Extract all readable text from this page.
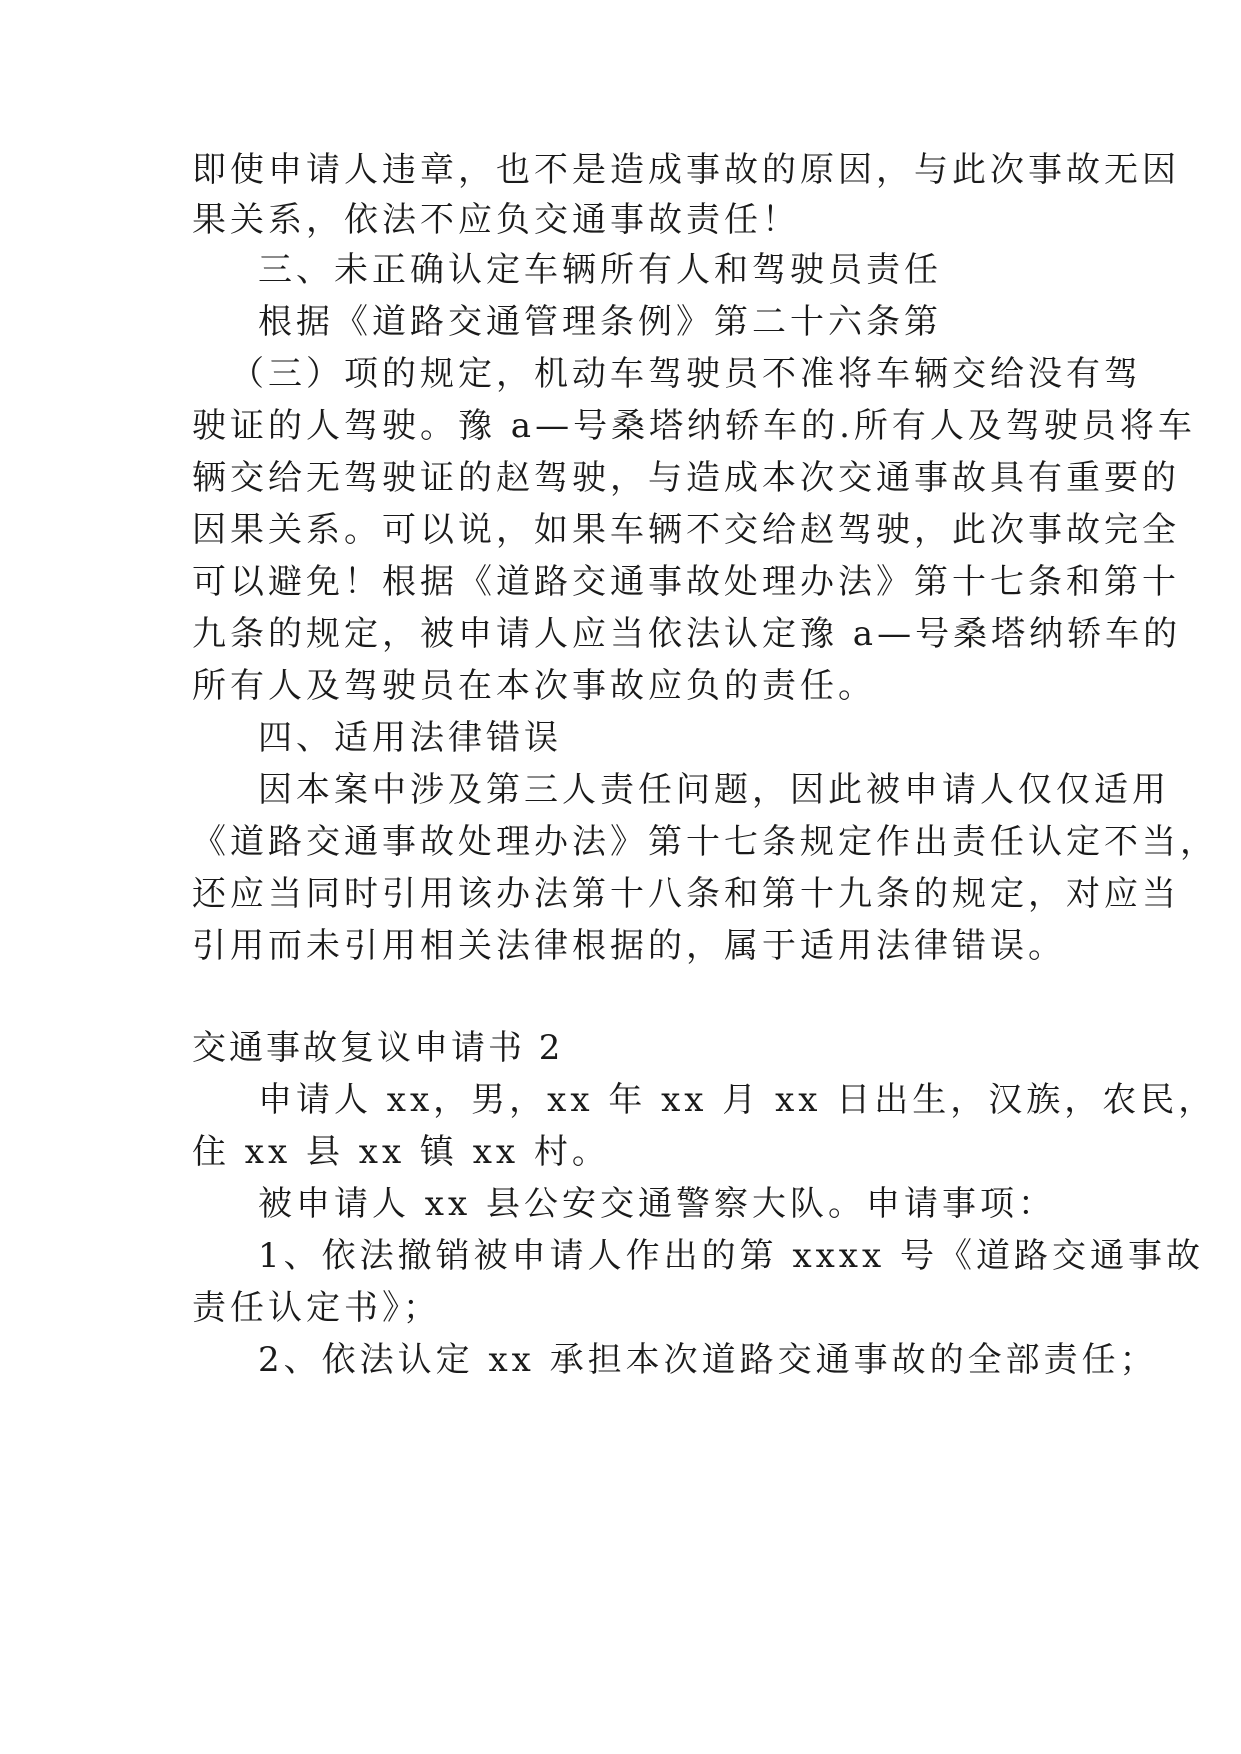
即使申请人违章，也不是造成事故的原因，与此次事故无因
果关系，依法不应负交通事故责任！
三、未正确认定车辆所有人和驾驶员责任
根据《道路交通管理条例》第二十六条第
（三）项的规定，机动车驾驶员不准将车辆交给没有驾
驶证的人驾驶。豫 a—号桑塔纳轿车的.所有人及驾驶员将车
辆交给无驾驶证的赵驾驶，与造成本次交通事故具有重要的
因果关系。可以说，如果车辆不交给赵驾驶，此次事故完全
可以避免！根据《道路交通事故处理办法》第十七条和第十
九条的规定，被申请人应当依法认定豫 a—号桑塔纳轿车的
所有人及驾驶员在本次事故应负的责任。
四、适用法律错误
因本案中涉及第三人责任问题，因此被申请人仅仅适用
《道路交通事故处理办法》第十七条规定作出责任认定不当，
还应当同时引用该办法第十八条和第十九条的规定，对应当
引用而未引用相关法律根据的，属于适用法律错误。
交通事故复议申请书 2
申请人 xx，男，xx 年 xx 月 xx 日出生，汉族，农民，
住 xx 县 xx 镇 xx 村。
被申请人 xx 县公安交通警察大队。申请事项：
1、依法撤销被申请人作出的第 xxxx 号《道路交通事故
责任认定书》；
2、依法认定 xx 承担本次道路交通事故的全部责任；
